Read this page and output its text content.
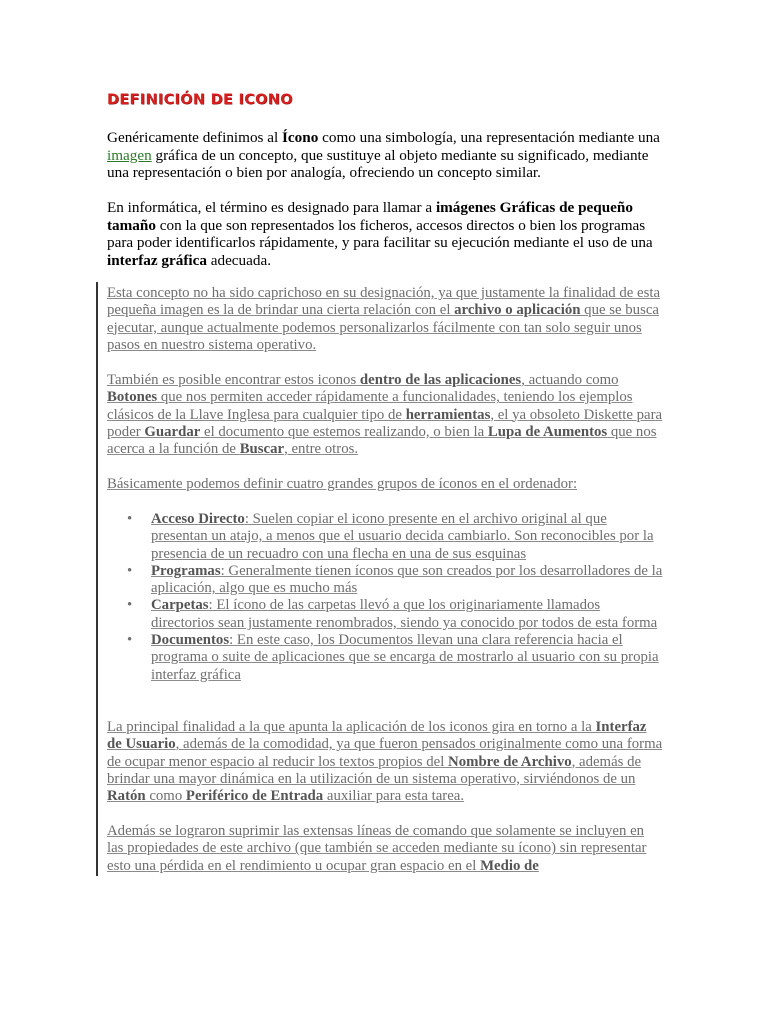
DEFINICIÓN DE ICONO

Genéricamente definimos al Ícono como una simbología, una representación mediante una imagen gráfica de un concepto, que sustituye al objeto mediante su significado, mediante una representación o bien por analogía, ofreciendo un concepto similar.

En informática, el término es designado para llamar a imágenes Gráficas de pequeño tamaño con la que son representados los ficheros, accesos directos o bien los programas para poder identificarlos rápidamente, y para facilitar su ejecución mediante el uso de una interfaz gráfica adecuada.

Esta concepto no ha sido caprichoso en su designación, ya que justamente la finalidad de esta pequeña imagen es la de brindar una cierta relación con el archivo o aplicación que se busca ejecutar, aunque actualmente podemos personalizarlos fácilmente con tan solo seguir unos pasos en nuestro sistema operativo.

También es posible encontrar estos iconos dentro de las aplicaciones, actuando como Botones que nos permiten acceder rápidamente a funcionalidades, teniendo los ejemplos clásicos de la Llave Inglesa para cualquier tipo de herramientas, el ya obsoleto Diskette para poder Guardar el documento que estemos realizando, o bien la Lupa de Aumentos que nos acerca a la función de Buscar, entre otros.

Básicamente podemos definir cuatro grandes grupos de íconos en el ordenador:

• Acceso Directo: Suelen copiar el icono presente en el archivo original al que presentan un atajo, a menos que el usuario decida cambiarlo. Son reconocibles por la presencia de un recuadro con una flecha en una de sus esquinas
• Programas: Generalmente tienen íconos que son creados por los desarrolladores de la aplicación, algo que es mucho más
• Carpetas: El ícono de las carpetas llevó a que los originariamente llamados directorios sean justamente renombrados, siendo ya conocido por todos de esta forma
• Documentos: En este caso, los Documentos llevan una clara referencia hacia el programa o suite de aplicaciones que se encarga de mostrarlo al usuario con su propia interfaz gráfica

La principal finalidad a la que apunta la aplicación de los iconos gira en torno a la Interfaz de Usuario, además de la comodidad, ya que fueron pensados originalmente como una forma de ocupar menor espacio al reducir los textos propios del Nombre de Archivo, además de brindar una mayor dinámica en la utilización de un sistema operativo, sirviéndonos de un Ratón como Periférico de Entrada auxiliar para esta tarea.

Además se lograron suprimir las extensas líneas de comando que solamente se incluyen en las propiedades de este archivo (que también se acceden mediante su ícono) sin representar esto una pérdida en el rendimiento u ocupar gran espacio en el Medio de
